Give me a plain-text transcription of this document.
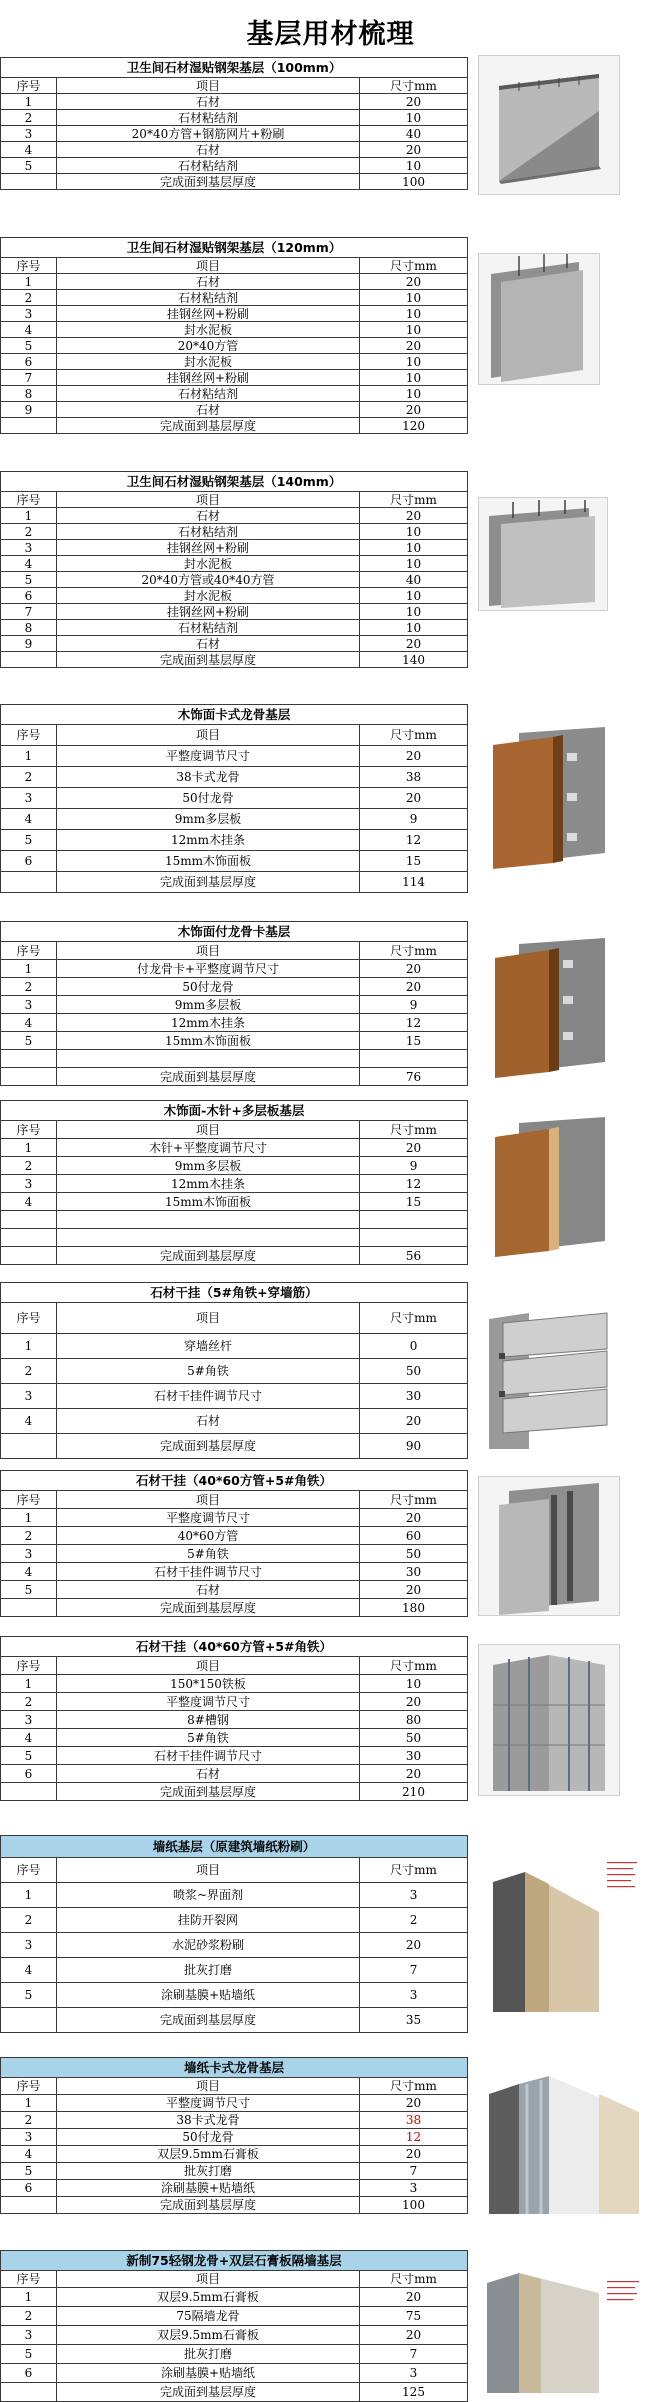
基层用材梳理
卫生间石材湿贴钢架基层（100mm）		
序号	项目	尺寸mm
1	石材	20
2	石材粘结剂	10
3	20*40方管+钢筋网片+粉刷	40
4	石材	20
5	石材粘结剂	10
	完成面到基层厚度	100
卫生间石材湿贴钢架基层（120mm）		
序号	项目	尺寸mm
1	石材	20
2	石材粘结剂	10
3	挂钢丝网+粉刷	10
4	封水泥板	10
5	20*40方管	20
6	封水泥板	10
7	挂钢丝网+粉刷	10
8	石材粘结剂	10
9	石材	20
	完成面到基层厚度	120
卫生间石材湿贴钢架基层（140mm）		
序号	项目	尺寸mm
1	石材	20
2	石材粘结剂	10
3	挂钢丝网+粉刷	10
4	封水泥板	10
5	20*40方管或40*40方管	40
6	封水泥板	10
7	挂钢丝网+粉刷	10
8	石材粘结剂	10
9	石材	20
	完成面到基层厚度	140
木饰面卡式龙骨基层		
序号	项目	尺寸mm
1	平整度调节尺寸	20
2	38卡式龙骨	38
3	50付龙骨	20
4	9mm多层板	9
5	12mm木挂条	12
6	15mm木饰面板	15
	完成面到基层厚度	114
木饰面付龙骨卡基层		
序号	项目	尺寸mm
1	付龙骨卡+平整度调节尺寸	20
2	50付龙骨	20
3	9mm多层板	9
4	12mm木挂条	12
5	15mm木饰面板	15

	完成面到基层厚度	76
木饰面-木针+多层板基层		
序号	项目	尺寸mm
1	木针+平整度调节尺寸	20
2	9mm多层板	9
3	12mm木挂条	12
4	15mm木饰面板	15

	完成面到基层厚度	56
石材干挂（5#角铁+穿墙筋）		
序号	项目	尺寸mm
1	穿墙丝杆	0
2	5#角铁	50
3	石材干挂件调节尺寸	30
4	石材	20
	完成面到基层厚度	90
石材干挂（40*60方管+5#角铁）		
序号	项目	尺寸mm
1	平整度调节尺寸	20
2	40*60方管	60
3	5#角铁	50
4	石材干挂件调节尺寸	30
5	石材	20
	完成面到基层厚度	180
石材干挂（40*60方管+5#角铁）		
序号	项目	尺寸mm
1	150*150铁板	10
2	平整度调节尺寸	20
3	8#槽钢	80
4	5#角铁	50
5	石材干挂件调节尺寸	30
6	石材	20
	完成面到基层厚度	210
墙纸基层（原建筑墙纸粉刷）		
序号	项目	尺寸mm
1	喷浆~界面剂	3
2	挂防开裂网	2
3	水泥砂浆粉刷	20
4	批灰打磨	7
5	涂刷基膜+贴墙纸	3
	完成面到基层厚度	35
墙纸卡式龙骨基层		
序号	项目	尺寸mm
1	平整度调节尺寸	20
2	38卡式龙骨	38
3	50付龙骨	12
4	双层9.5mm石膏板	20
5	批灰打磨	7
6	涂刷基膜+贴墙纸	3
	完成面到基层厚度	100
新制75轻钢龙骨+双层石膏板隔墙基层		
序号	项目	尺寸mm
1	双层9.5mm石膏板	20
2	75隔墙龙骨	75
3	双层9.5mm石膏板	20
5	批灰打磨	7
6	涂刷基膜+贴墙纸	3
	完成面到基层厚度	125
